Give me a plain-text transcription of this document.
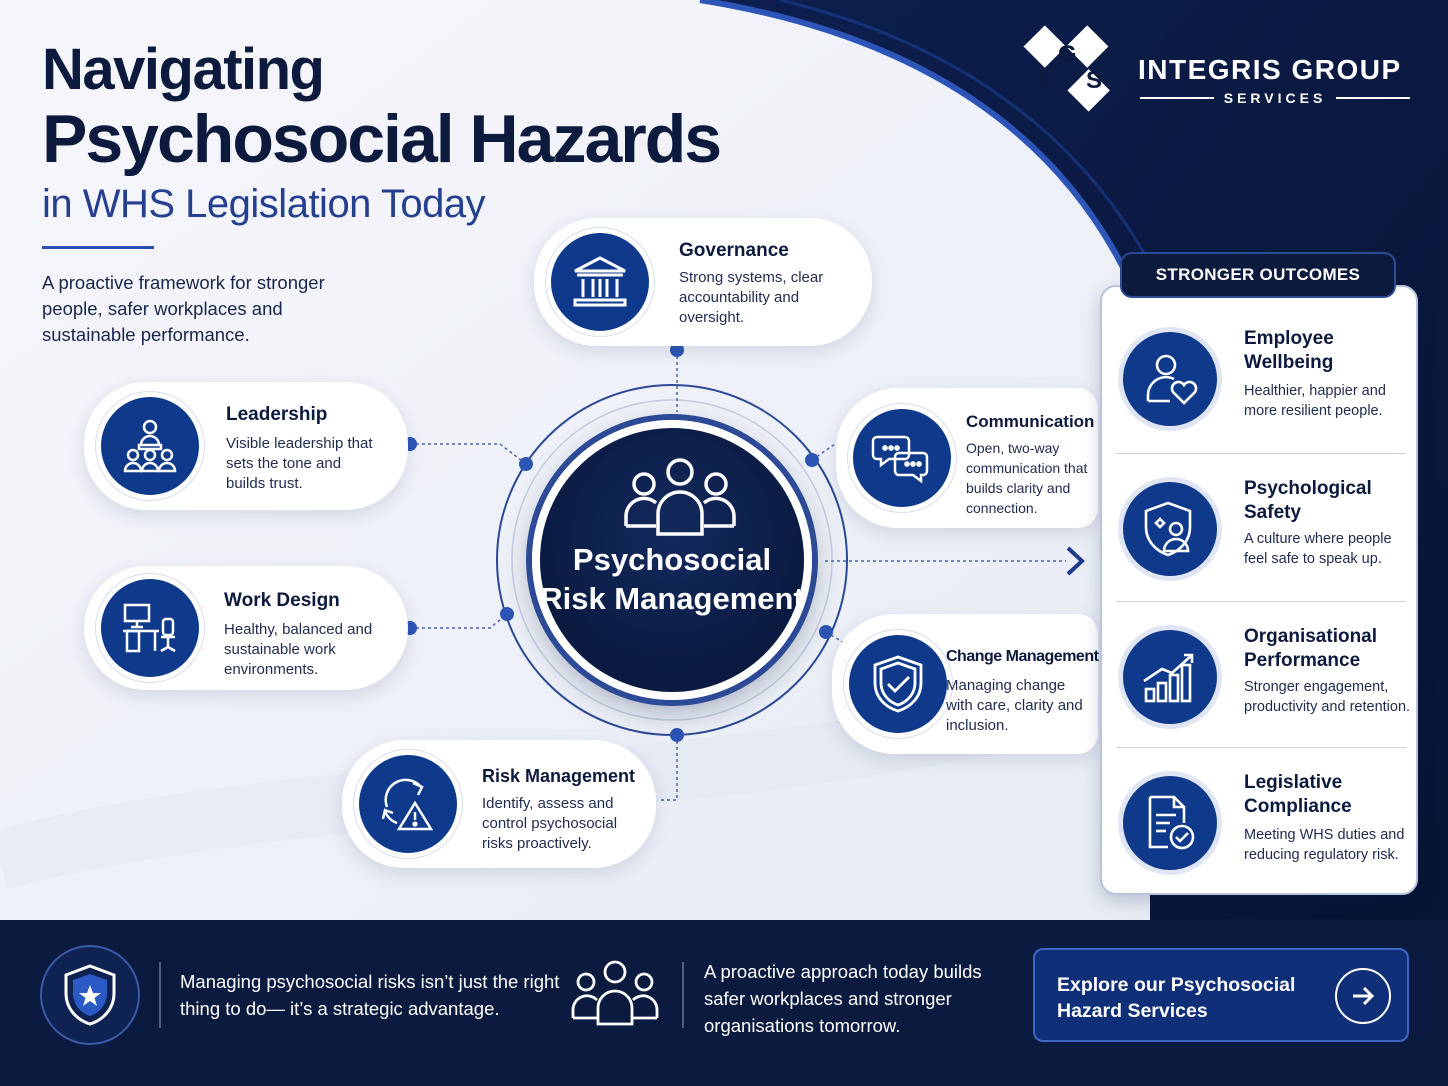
Navigating
Psychosocial Hazards
in WHS Legislation Today
A proactive framework for stronger people, safer workplaces and sustainable performance.
i
G
S INTEGRIS GROUP
SERVICES
Psychosocial Risk Management
Governance

Strong systems, clear accountability and oversight.

Leadership

Visible leadership that sets the tone and builds trust.

Work Design

Healthy, balanced and sustainable work environments.

Communication

Open, two-way communication that builds clarity and connection.

Change Management

Managing change with care, clarity and inclusion.

Risk Management

Identify, assess and control psychosocial risks proactively.

Employee Wellbeing

Healthier, happier and more resilient people.

Psychological Safety

A culture where people feel safe to speak up.

Organisational Performance

Stronger engagement, productivity and retention.

Legislative Compliance

Meeting WHS duties and reducing regulatory risk.

STRONGER OUTCOMES
Managing psychosocial risks isn’t just the right thing to do— it’s a strategic advantage.
A proactive approach today builds safer workplaces and stronger organisations tomorrow.
Explore our Psychosocial Hazard Services
